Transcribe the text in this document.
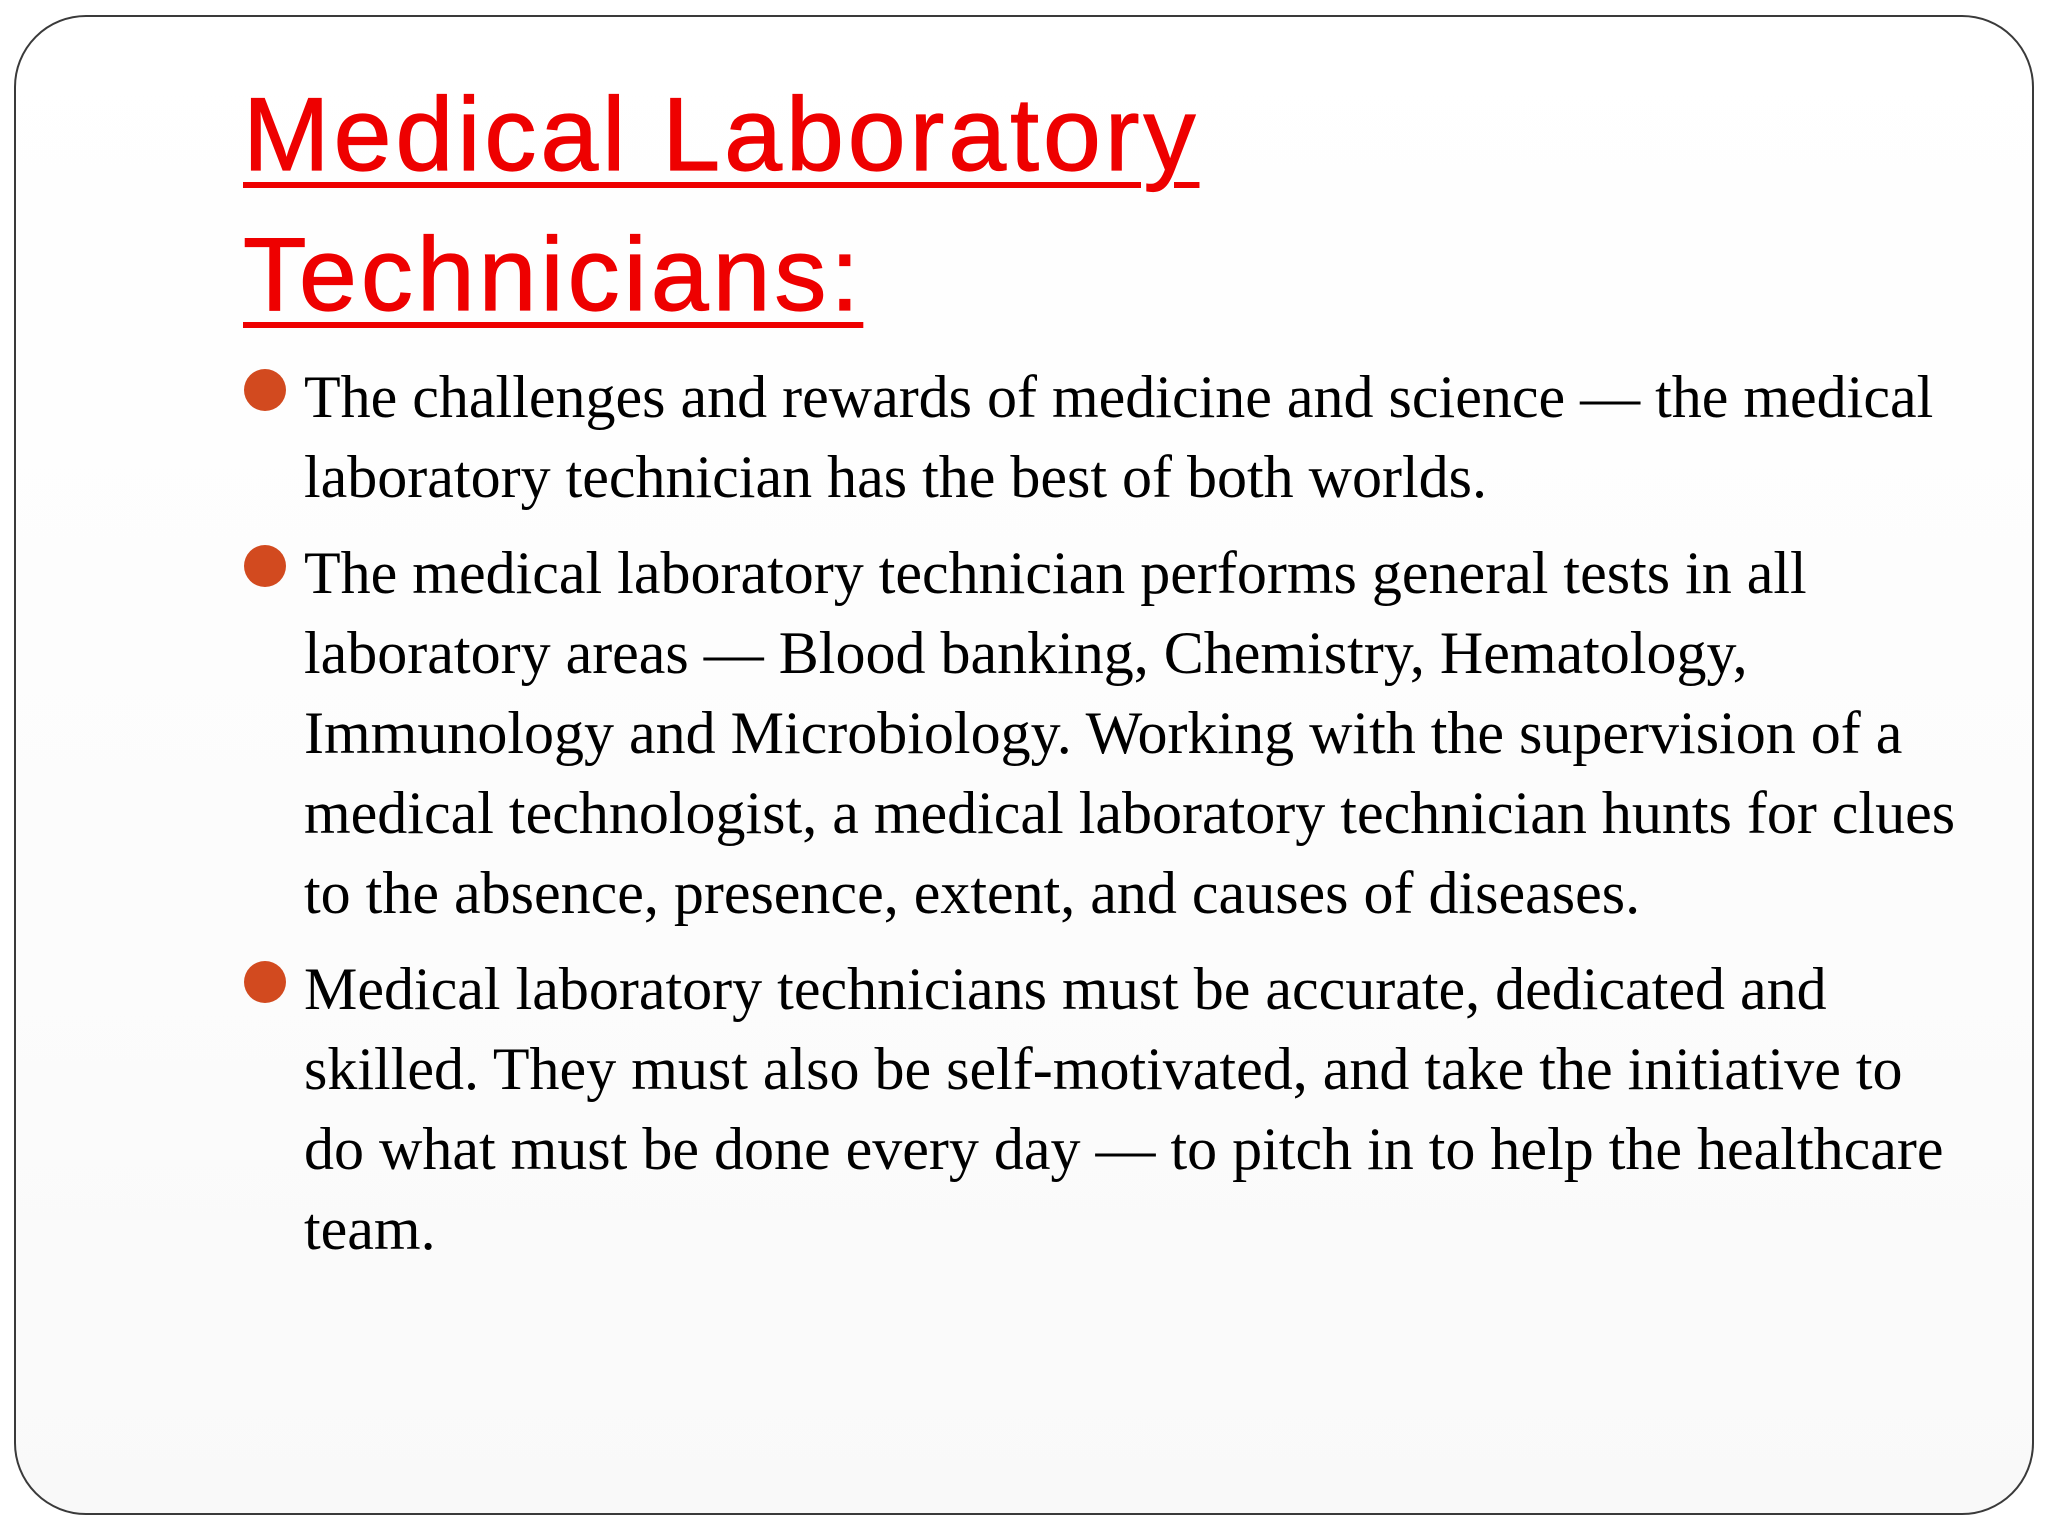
Medical Laboratory
Technicians:
The challenges and rewards of medicine and science — the medical laboratory technician has the best of both worlds.
The medical laboratory technician performs general tests in all laboratory areas — Blood banking, Chemistry, Hematology, Immunology and Microbiology. Working with the supervision of a medical technologist, a medical laboratory technician hunts for clues to the absence, presence, extent, and causes of diseases.
Medical laboratory technicians must be accurate, dedicated and skilled. They must also be self-motivated, and take the initiative to do what must be done every day — to pitch in to help the healthcare team.
